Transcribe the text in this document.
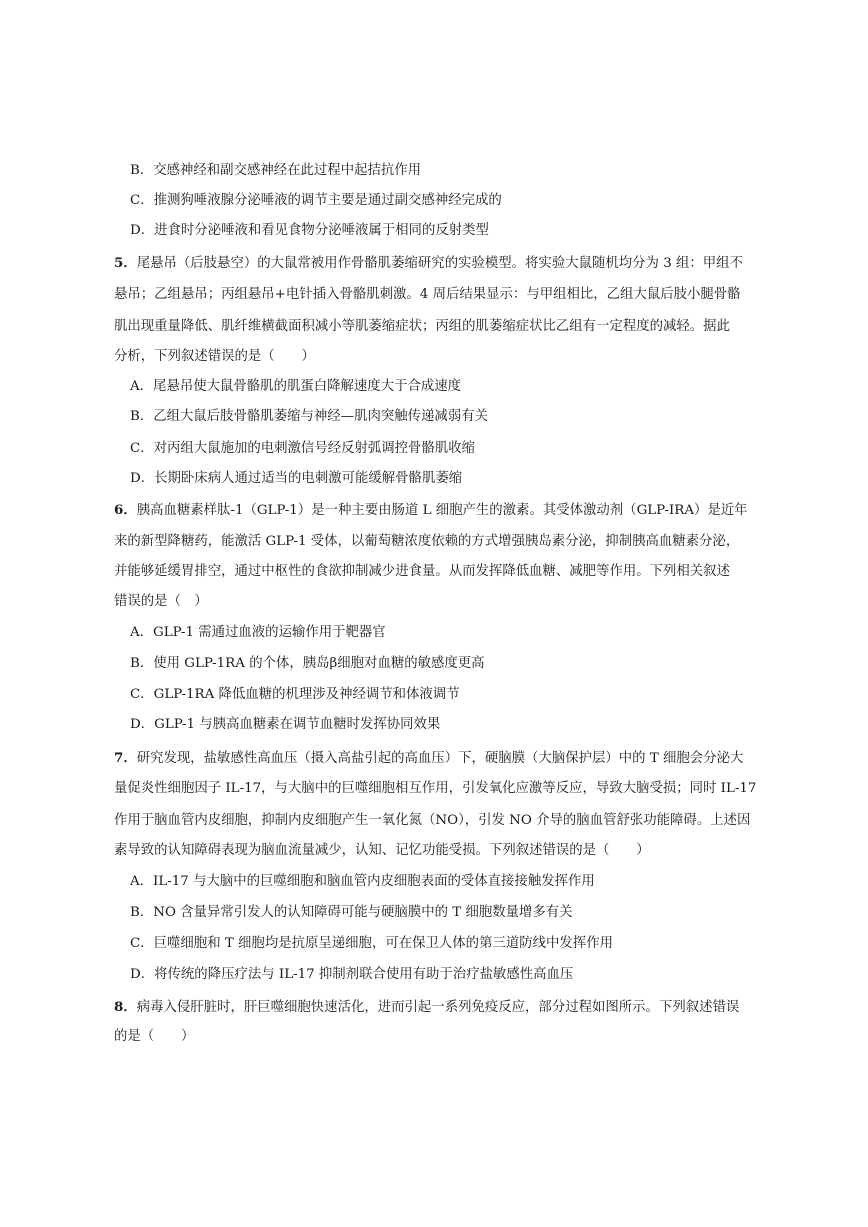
B．交感神经和副交感神经在此过程中起拮抗作用
C．推测狗唾液腺分泌唾液的调节主要是通过副交感神经完成的
D．进食时分泌唾液和看见食物分泌唾液属于相同的反射类型
5．尾悬吊（后肢悬空）的大鼠常被用作骨骼肌萎缩研究的实验模型。将实验大鼠随机均分为 3 组：甲组不
悬吊；乙组悬吊；丙组悬吊+电针插入骨骼肌刺激。4 周后结果显示：与甲组相比，乙组大鼠后肢小腿骨骼
肌出现重量降低、肌纤维横截面积减小等肌萎缩症状；丙组的肌萎缩症状比乙组有一定程度的减轻。据此
分析，下列叙述错误的是（　　）
A．尾悬吊使大鼠骨骼肌的肌蛋白降解速度大于合成速度
B．乙组大鼠后肢骨骼肌萎缩与神经—肌肉突触传递减弱有关
C．对丙组大鼠施加的电刺激信号经反射弧调控骨骼肌收缩
D．长期卧床病人通过适当的电刺激可能缓解骨骼肌萎缩
6．胰高血糖素样肽-1（GLP-1）是一种主要由肠道 L 细胞产生的激素。其受体激动剂（GLP-IRA）是近年
来的新型降糖药，能激活 GLP-1 受体，以葡萄糖浓度依赖的方式增强胰岛素分泌，抑制胰高血糖素分泌，
并能够延缓胃排空，通过中枢性的食欲抑制减少进食量。从而发挥降低血糖、减肥等作用。下列相关叙述
错误的是（　）
A．GLP-1 需通过血液的运输作用于靶器官
B．使用 GLP-1RA 的个体，胰岛β细胞对血糖的敏感度更高
C．GLP-1RA 降低血糖的机理涉及神经调节和体液调节
D．GLP-1 与胰高血糖素在调节血糖时发挥协同效果
7．研究发现，盐敏感性高血压（摄入高盐引起的高血压）下，硬脑膜（大脑保护层）中的 T 细胞会分泌大
量促炎性细胞因子 IL-17，与大脑中的巨噬细胞相互作用，引发氧化应激等反应，导致大脑受损；同时 IL-17
作用于脑血管内皮细胞，抑制内皮细胞产生一氧化氮（NO），引发 NO 介导的脑血管舒张功能障碍。上述因
素导致的认知障碍表现为脑血流量减少，认知、记忆功能受损。下列叙述错误的是（　　）
A．IL-17 与大脑中的巨噬细胞和脑血管内皮细胞表面的受体直接接触发挥作用
B．NO 含量异常引发人的认知障碍可能与硬脑膜中的 T 细胞数量增多有关
C．巨噬细胞和 T 细胞均是抗原呈递细胞，可在保卫人体的第三道防线中发挥作用
D．将传统的降压疗法与 IL-17 抑制剂联合使用有助于治疗盐敏感性高血压
8．病毒入侵肝脏时，肝巨噬细胞快速活化，进而引起一系列免疫反应，部分过程如图所示。下列叙述错误
的是（　　）
